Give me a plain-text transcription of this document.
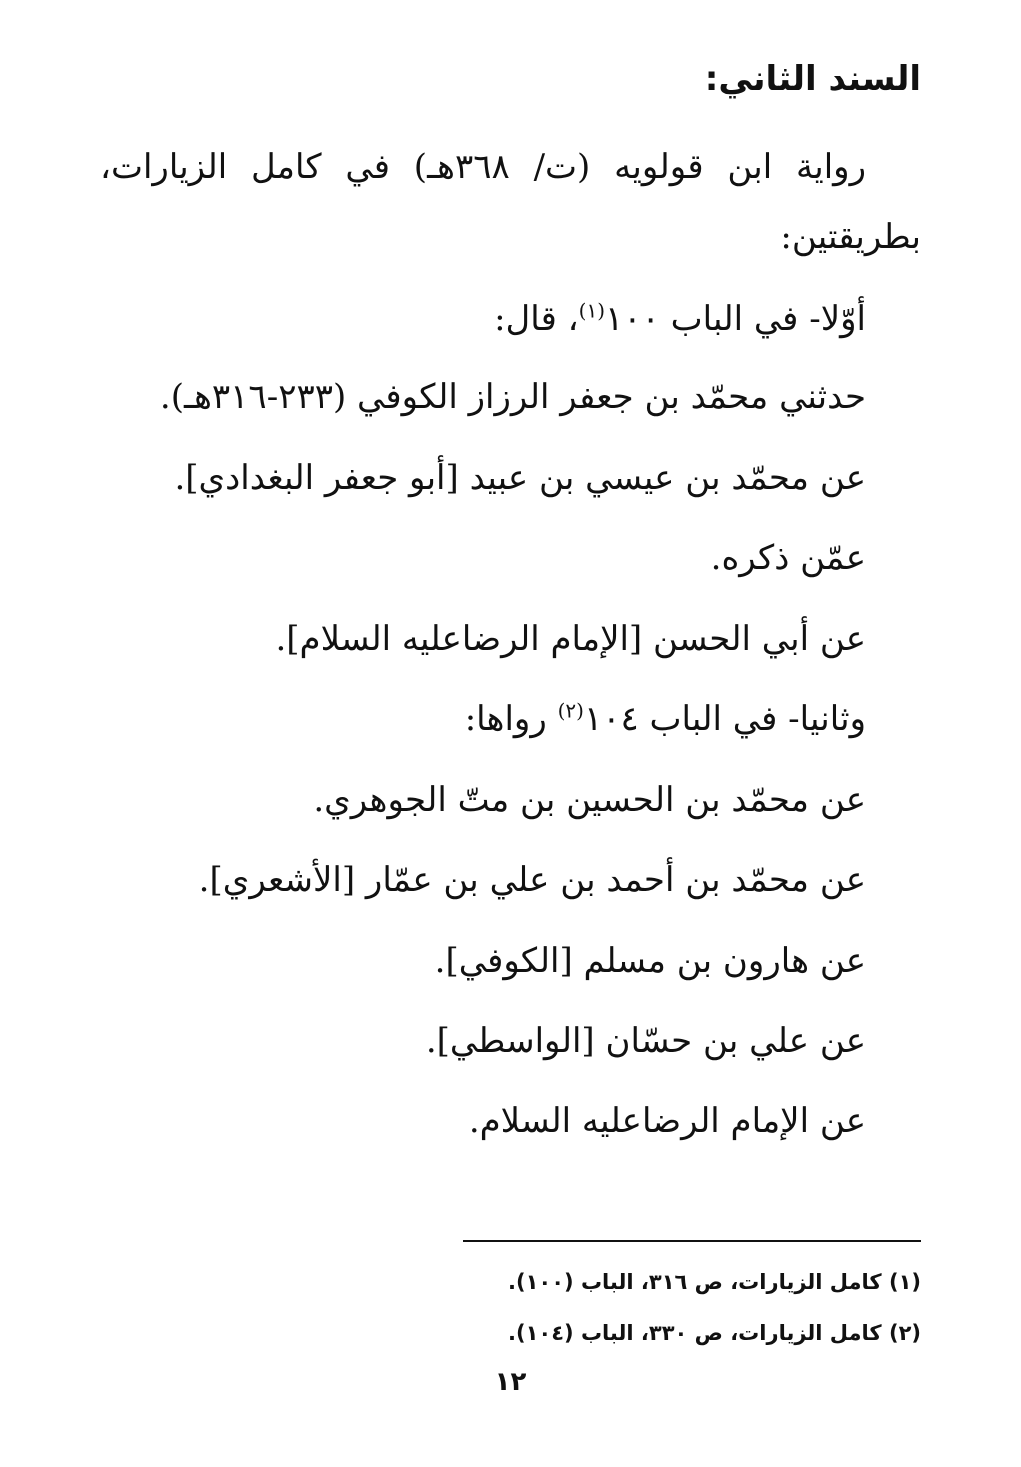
السند الثاني:
رواية ابن قولويه (ت/ ٣٦٨هـ) في كامل الزيارات،
بطريقتين:
أوّلا- في الباب ١٠٠$^{(١)}$، قال:
حدثني محمّد بن جعفر الرزاز الكوفي (٢٣٣-٣١٦هـ).
عن محمّد بن عيسي بن عبيد [أبو جعفر البغدادي].
عمّن ذكره.
عن أبي الحسن [الإمام الرضاعليه السلام].
وثانيا- في الباب ١٠٤$^{(٢)}$ رواها:
عن محمّد بن الحسين بن متّ الجوهري.
عن محمّد بن أحمد بن علي بن عمّار [الأشعري].
عن هارون بن مسلم [الكوفي].
عن علي بن حسّان [الواسطي].
عن الإمام الرضاعليه السلام.
(١) كامل الزيارات، ص ٣١٦، الباب (١٠٠).
(٢) كامل الزيارات، ص ٣٣٠، الباب (١٠٤).
١٢
